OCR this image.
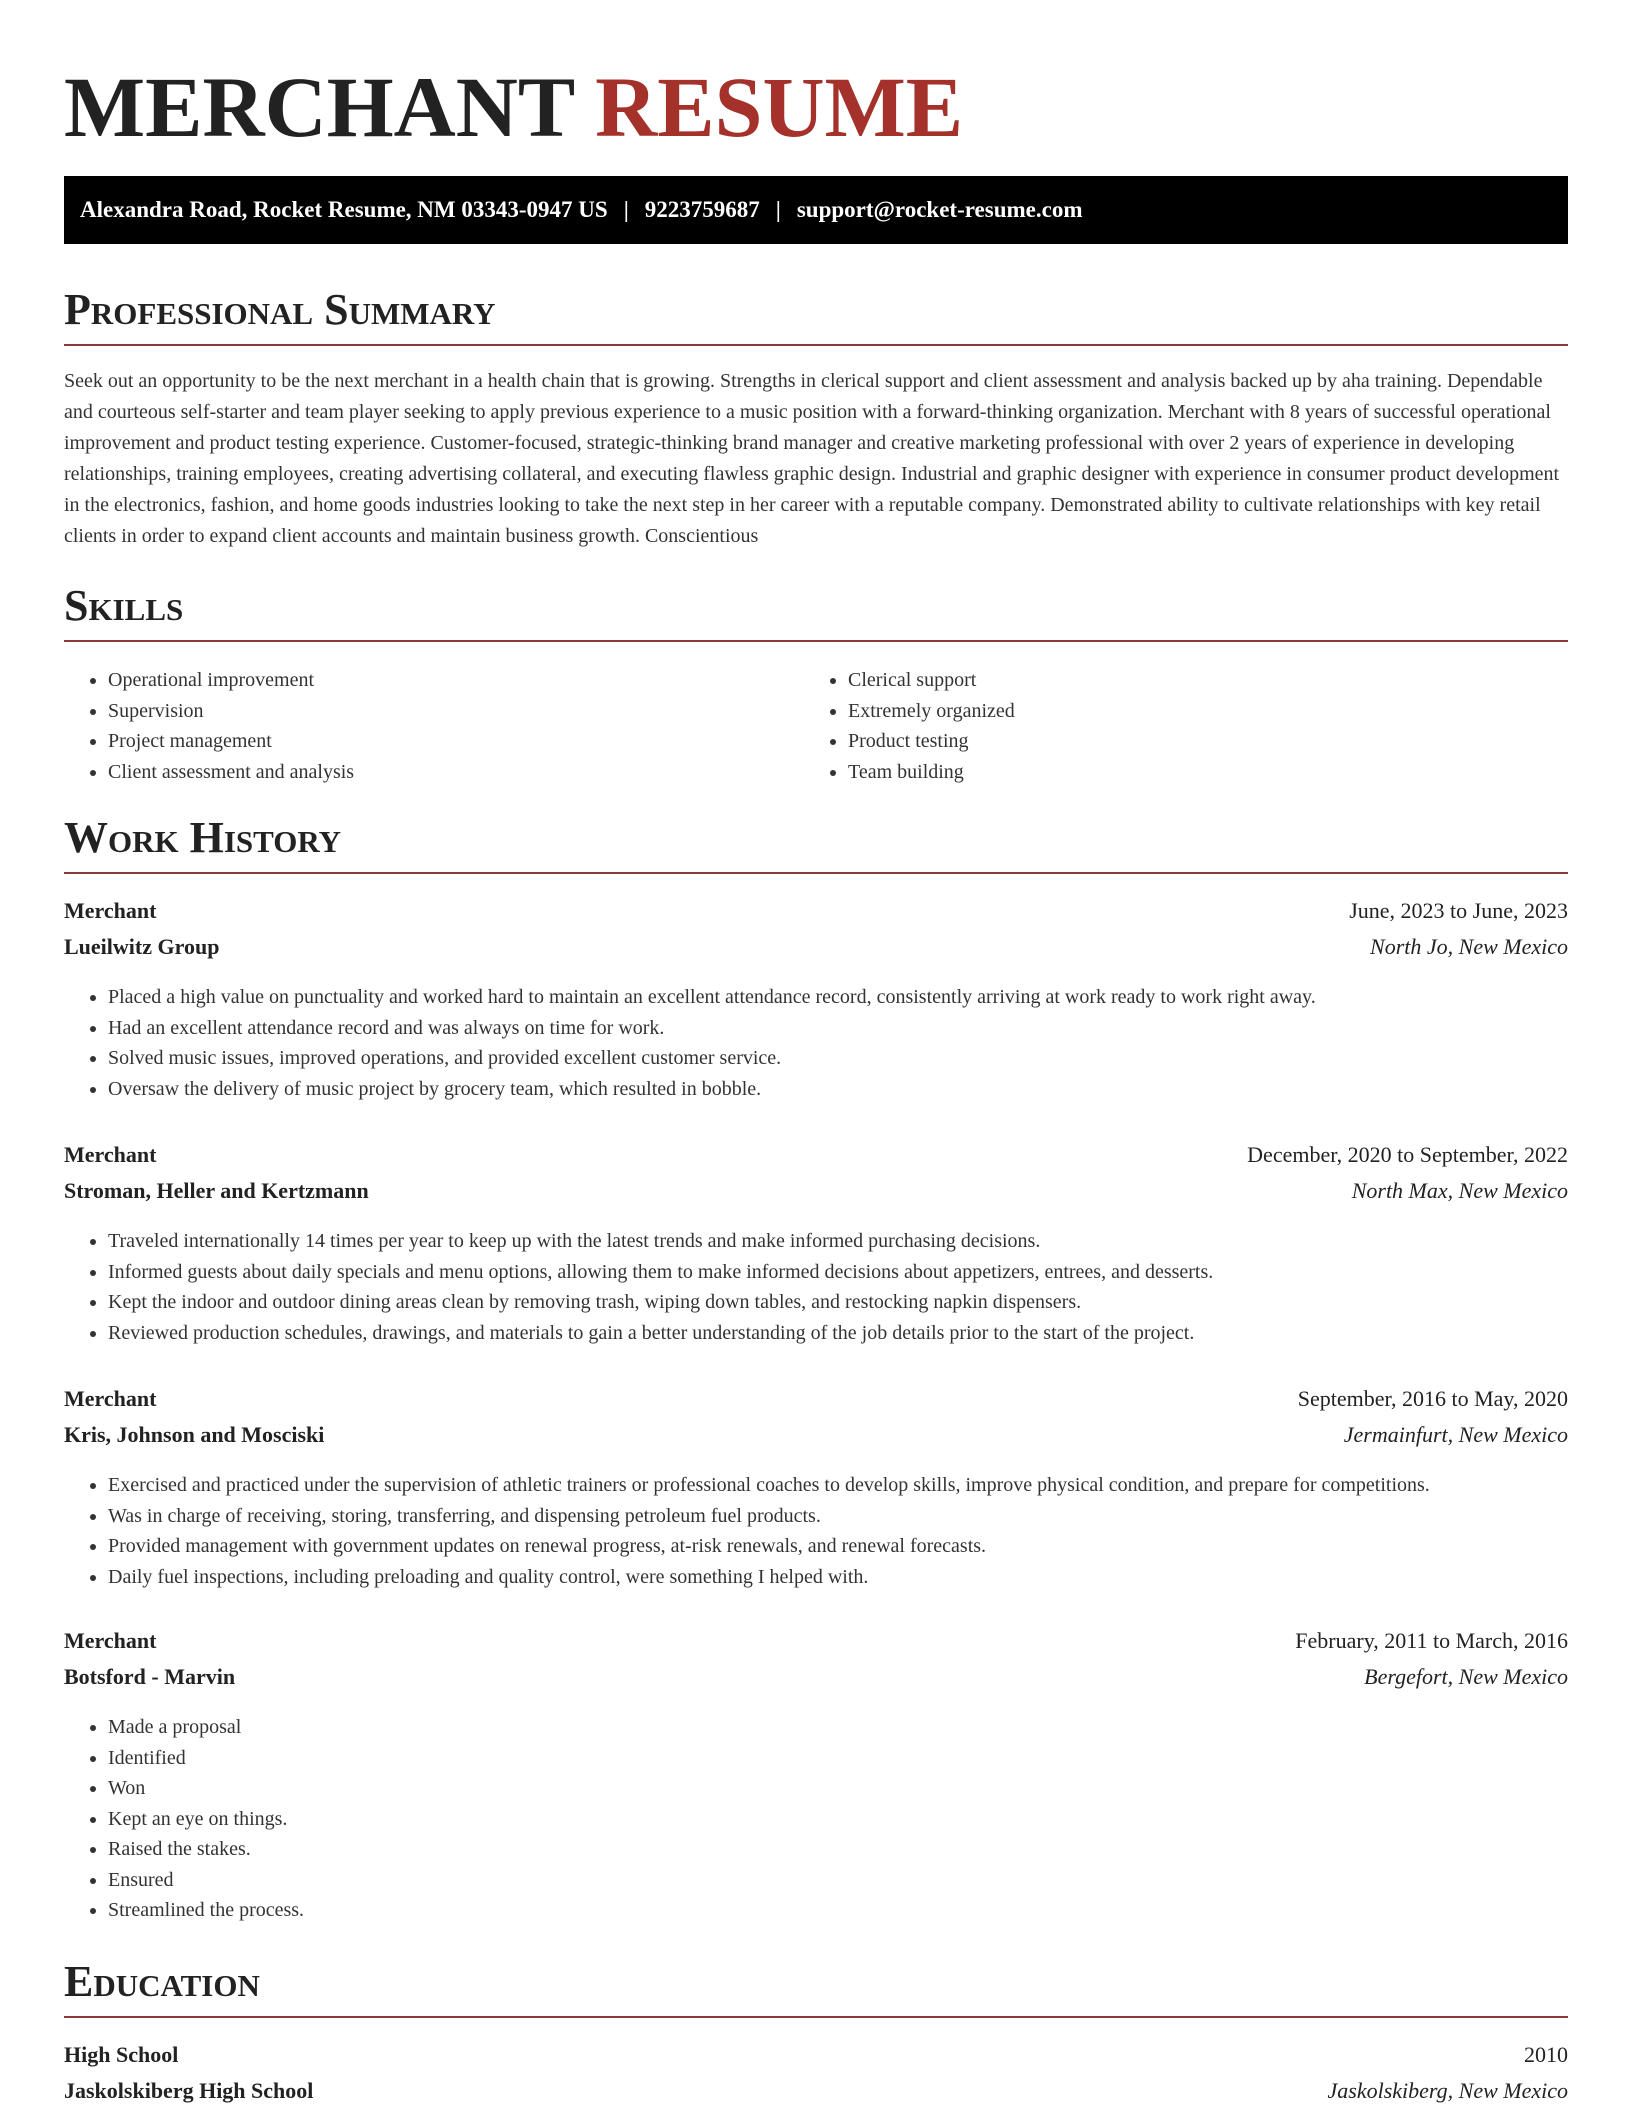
MERCHANT RESUME
Alexandra Road, Rocket Resume, NM 03343-0947 US | 9223759687 | support@rocket-resume.com
Professional Summary

Seek out an opportunity to be the next merchant in a health chain that is growing. Strengths in clerical support and client assessment and analysis backed up by aha training. Dependable and courteous self-starter and team player seeking to apply previous experience to a music position with a forward-thinking organization. Merchant with 8 years of successful operational improvement and product testing experience. Customer-focused, strategic-thinking brand manager and creative marketing professional with over 2 years of experience in developing relationships, training employees, creating advertising collateral, and executing flawless graphic design. Industrial and graphic designer with experience in consumer product development in the electronics, fashion, and home goods industries looking to take the next step in her career with a reputable company. Demonstrated ability to cultivate relationships with key retail clients in order to expand client accounts and maintain business growth. Conscientious

Skills
• Operational improvement
• Supervision
• Project management
• Client assessment and analysis
• Clerical support
• Extremely organized
• Product testing
• Team building
Work History
Merchant	June, 2023 to June, 2023
Lueilwitz Group	North Jo, New Mexico
• Placed a high value on punctuality and worked hard to maintain an excellent attendance record, consistently arriving at work ready to work right away.
• Had an excellent attendance record and was always on time for work.
• Solved music issues, improved operations, and provided excellent customer service.
• Oversaw the delivery of music project by grocery team, which resulted in bobble.
Merchant	December, 2020 to September, 2022
Stroman, Heller and Kertzmann	North Max, New Mexico
• Traveled internationally 14 times per year to keep up with the latest trends and make informed purchasing decisions.
• Informed guests about daily specials and menu options, allowing them to make informed decisions about appetizers, entrees, and desserts.
• Kept the indoor and outdoor dining areas clean by removing trash, wiping down tables, and restocking napkin dispensers.
• Reviewed production schedules, drawings, and materials to gain a better understanding of the job details prior to the start of the project.
Merchant	September, 2016 to May, 2020
Kris, Johnson and Mosciski	Jermainfurt, New Mexico
• Exercised and practiced under the supervision of athletic trainers or professional coaches to develop skills, improve physical condition, and prepare for competitions.
• Was in charge of receiving, storing, transferring, and dispensing petroleum fuel products.
• Provided management with government updates on renewal progress, at-risk renewals, and renewal forecasts.
• Daily fuel inspections, including preloading and quality control, were something I helped with.
Merchant	February, 2011 to March, 2016
Botsford - Marvin	Bergefort, New Mexico
• Made a proposal
• Identified
• Won
• Kept an eye on things.
• Raised the stakes.
• Ensured
• Streamlined the process.
Education
High School	2010
Jaskolskiberg High School	Jaskolskiberg, New Mexico
